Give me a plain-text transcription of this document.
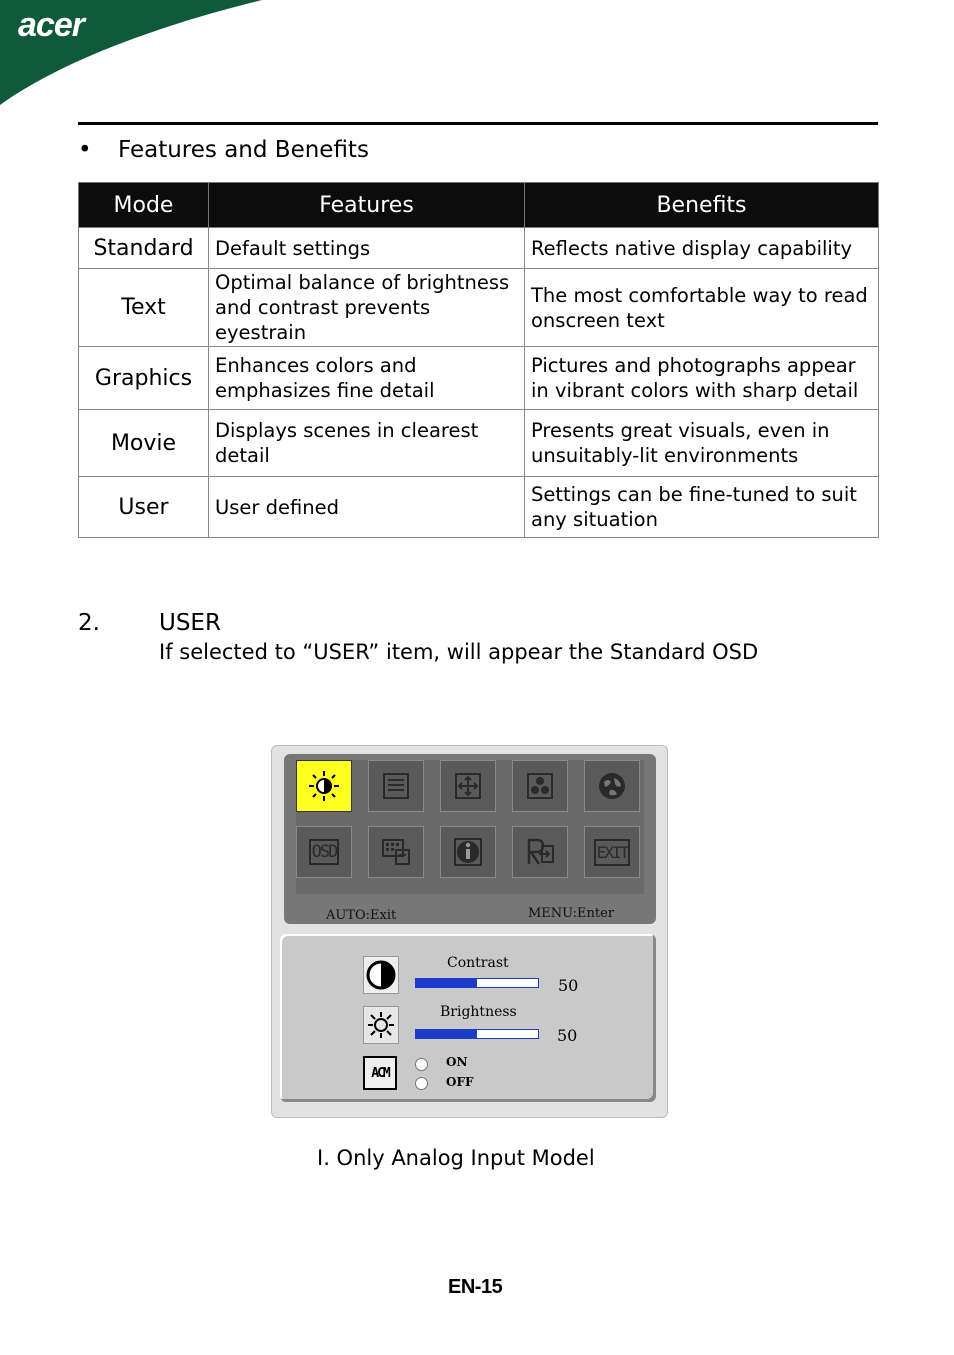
acer
• Features and Benefits
Mode	Features	Benefits
Standard	Default settings	Reflects native display capability
Text	Optimal balance of brightness and contrast prevents eyestrain	The most comfortable way to read onscreen text
Graphics	Enhances colors and emphasizes fine detail	Pictures and photographs appear in vibrant colors with sharp detail
Movie	Displays scenes in clearest detail	Presents great visuals, even in unsuitably-lit environments
User	User defined	Settings can be fine-tuned to suit any situation
2.	USER
If selected to “USER” item, will appear the Standard OSD
OSD	EXIT
AUTO:Exit	MENU:Enter
Contrast
50
Brightness
50
ACM
ON
OFF
I. Only Analog Input Model
EN-15
